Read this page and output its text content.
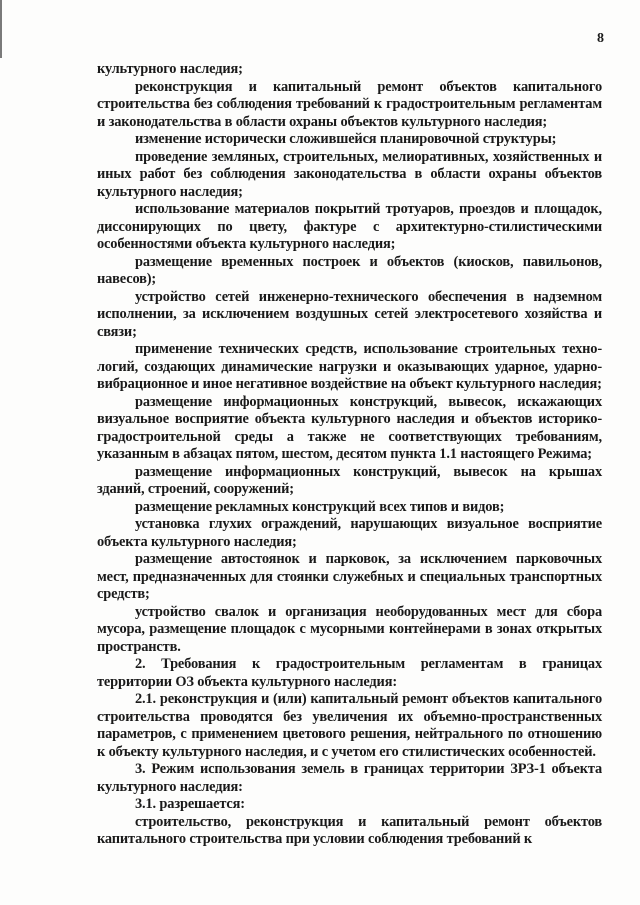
8

культурного наследия;

реконструкция и капитальный ремонт объектов капитального строительства без соблюдения требований к градостроительным регламентам и законодательства в области охраны объектов культурного наследия;

изменение исторически сложившейся планировочной структуры;

проведение земляных, строительных, мелиоративных, хозяйственных и иных работ без соблюдения законодательства в области охраны объектов культурного наследия;

использование материалов покрытий тротуаров, проездов и площадок, диссонирующих по цвету, фактуре с архитектурно-стилистическими особенностями объекта культурного наследия;

размещение временных построек и объектов (киосков, павильонов, навесов);

устройство сетей инженерно-технического обеспечения в надземном исполнении, за исключением воздушных сетей электросетевого хозяйства и связи;

применение технических средств, использование строительных техно- логий, создающих динамические нагрузки и оказывающих ударное, ударно- вибрационное и иное негативное воздействие на объект культурного наследия;

размещение информационных конструкций, вывесок, искажающих визуальное восприятие объекта культурного наследия и объектов историко- градостроительной среды а также не соответствующих требованиям, указанным в абзацах пятом, шестом, десятом пункта 1.1 настоящего Режима;

размещение информационных конструкций, вывесок на крышах зданий, строений, сооружений;

размещение рекламных конструкций всех типов и видов;

установка глухих ограждений, нарушающих визуальное восприятие объекта культурного наследия;

размещение автостоянок и парковок, за исключением парковочных мест, предназначенных для стоянки служебных и специальных транспортных средств;

устройство свалок и организация необорудованных мест для сбора мусора, размещение площадок с мусорными контейнерами в зонах открытых пространств.

2. Требования к градостроительным регламентам в границах территории ОЗ объекта культурного наследия:

2.1. реконструкция и (или) капитальный ремонт объектов капитального строительства проводятся без увеличения их объемно-пространственных параметров, с применением цветового решения, нейтрального по отношению к объекту культурного наследия, и с учетом его стилистических особенностей.

3. Режим использования земель в границах территории ЗРЗ-1 объекта культурного наследия:

3.1. разрешается:

строительство, реконструкция и капитальный ремонт объектов капитального строительства при условии соблюдения требований к
